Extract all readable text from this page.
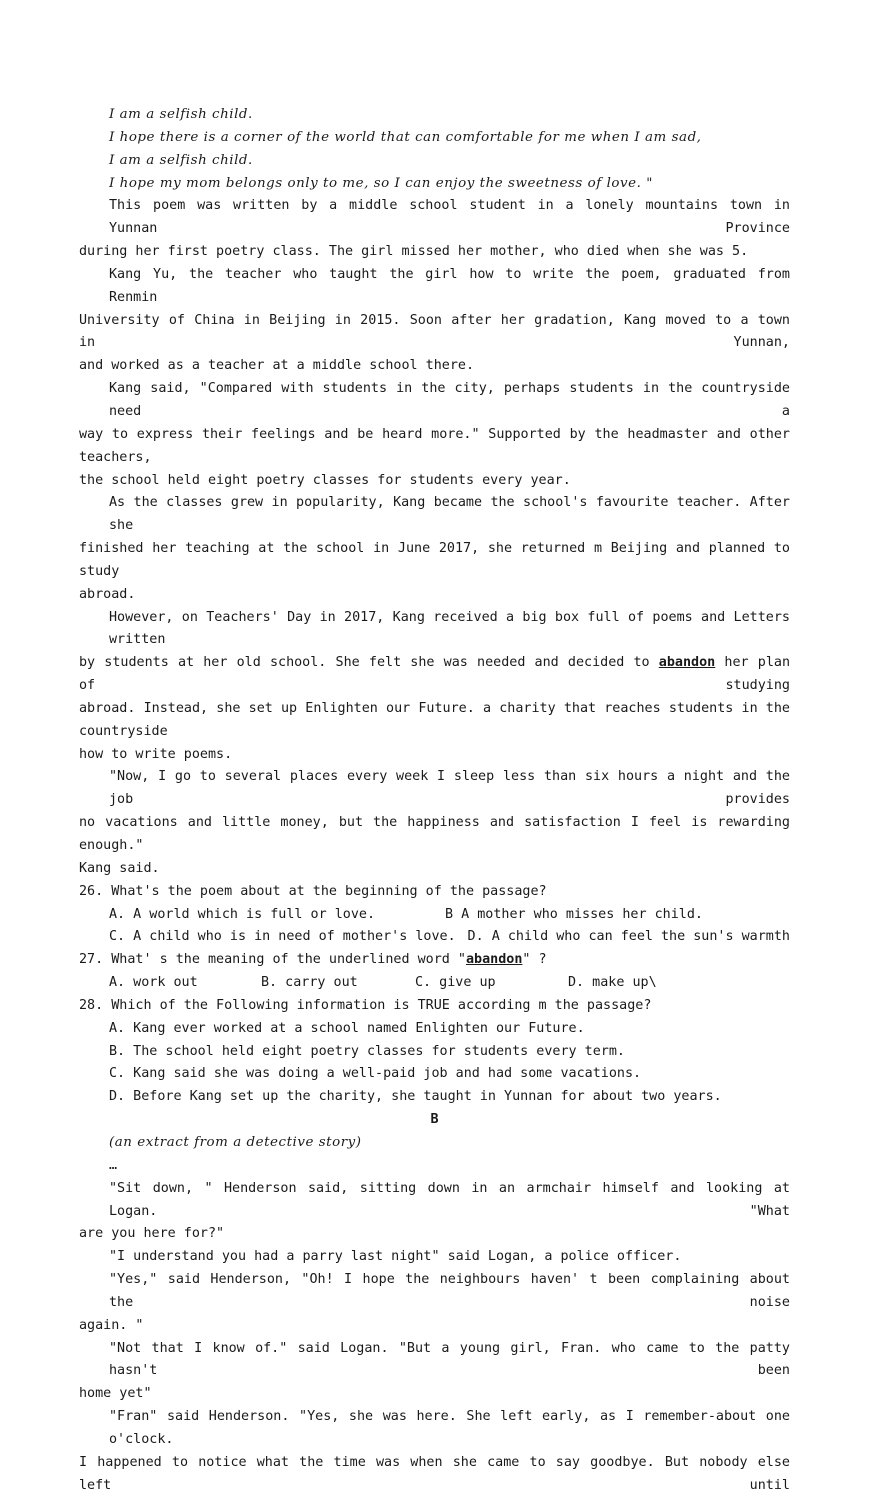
I am a selfish child.
I hope there is a corner of the world that can comfortable for me when I am sad,
I am a selfish child.
I hope my mom belongs only to me, so I can enjoy the sweetness of love. "
This poem was written by a middle school student in a lonely mountains town in Yunnan Province
during her first poetry class. The girl missed her mother, who died when she was 5.
Kang Yu, the teacher who taught the girl how to write the poem, graduated from Renmin
University of China in Beijing in 2015. Soon after her gradation, Kang moved to a town in Yunnan,
and worked as a teacher at a middle school there.
Kang said, "Compared with students in the city, perhaps students in the countryside need a
way to express their feelings and be heard more." Supported by the headmaster and other teachers,
the school held eight poetry classes for students every year.
As the classes grew in popularity, Kang became the school's favourite teacher. After she
finished her teaching at the school in June 2017, she returned m Beijing and planned to study
abroad.
However, on Teachers' Day in 2017, Kang received a big box full of poems and Letters written
by students at her old school. She felt she was needed and decided to abandon her plan of studying
abroad. Instead, she set up Enlighten our Future. a charity that reaches students in the countryside
how to write poems.
"Now, I go to several places every week I sleep less than six hours a night and the job provides
no vacations and little money, but the happiness and satisfaction I feel is rewarding enough."
Kang said.
26. What's the poem about at the beginning of the passage?
A. A world which is full or love.	B A mother who misses her child.
C. A child who is in need of mother's love. D. A child who can feel the sun's warmth
27. What' s the meaning of the underlined word "abandon" ?
A. work out	B. carry out	C. give up	D. make up\
28. Which of the Following information is TRUE according m the passage?
A. Kang ever worked at a school named Enlighten our Future.
B. The school held eight poetry classes for students every term.
C. Kang said she was doing a well-paid job and had some vacations.
D. Before Kang set up the charity, she taught in Yunnan for about two years.
B
(an extract from a detective story)
…
"Sit down, " Henderson said, sitting down in an armchair himself and looking at Logan. "What
are you here for?"
"I understand you had a parry last night" said Logan, a police officer.
"Yes," said Henderson, "Oh! I hope the neighbours haven' t been complaining about the noise
again. "
"Not that I know of." said Logan. "But a young girl, Fran. who came to the patty hasn't been
home yet"
"Fran" said Henderson. "Yes, she was here. She left early, as I remember-about one o'clock.
I happened to notice what the time was when she came to say goodbye. But nobody else left until
